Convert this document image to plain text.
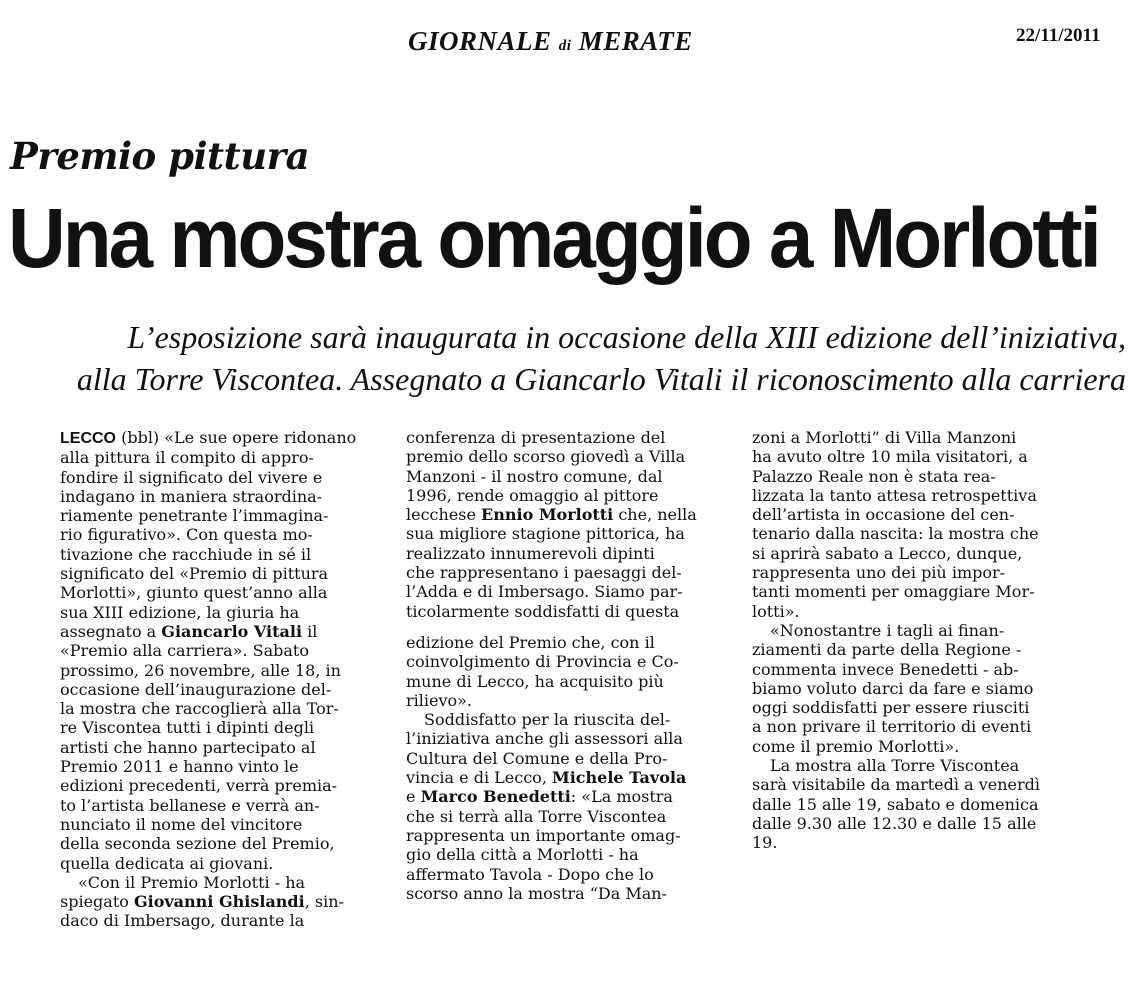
GIORNALE di MERATE	22/11/2011
Premio pittura
Una mostra omaggio a Morlotti
L’esposizione sarà inaugurata in occasione della XIII edizione dell’iniziativa,
alla Torre Viscontea. Assegnato a Giancarlo Vitali il riconoscimento alla carriera
LECCO (bbl) «Le sue opere ridonano
alla pittura il compito di appro-
fondire il significato del vivere e
indagano in maniera straordina-
riamente penetrante l’immagina-
rio figurativo». Con questa mo-
tivazione che racchiude in sé il
significato del «Premio di pittura
Morlotti», giunto quest’anno alla
sua XIII edizione, la giuria ha
assegnato a Giancarlo Vitali il
«Premio alla carriera». Sabato
prossimo, 26 novembre, alle 18, in
occasione dell’inaugurazione del-
la mostra che raccoglierà alla Tor-
re Viscontea tutti i dipinti degli
artisti che hanno partecipato al
Premio 2011 e hanno vinto le
edizioni precedenti, verrà premia-
to l’artista bellanese e verrà an-
nunciato il nome del vincitore
della seconda sezione del Premio,
quella dedicata ai giovani.
«Con il Premio Morlotti - ha
spiegato Giovanni Ghislandi, sin-
daco di Imbersago, durante la
conferenza di presentazione del
premio dello scorso giovedì a Villa
Manzoni - il nostro comune, dal
1996, rende omaggio al pittore
lecchese Ennio Morlotti che, nella
sua migliore stagione pittorica, ha
realizzato innumerevoli dipinti
che rappresentano i paesaggi del-
l’Adda e di Imbersago. Siamo par-
ticolarmente soddisfatti di questa
edizione del Premio che, con il
coinvolgimento di Provincia e Co-
mune di Lecco, ha acquisito più
rilievo».
Soddisfatto per la riuscita del-
l’iniziativa anche gli assessori alla
Cultura del Comune e della Pro-
vincia e di Lecco, Michele Tavola
e Marco Benedetti: «La mostra
che si terrà alla Torre Viscontea
rappresenta un importante omag-
gio della città a Morlotti - ha
affermato Tavola - Dopo che lo
scorso anno la mostra “Da Man-
zoni a Morlotti” di Villa Manzoni
ha avuto oltre 10 mila visitatori, a
Palazzo Reale non è stata rea-
lizzata la tanto attesa retrospettiva
dell’artista in occasione del cen-
tenario dalla nascita: la mostra che
si aprirà sabato a Lecco, dunque,
rappresenta uno dei più impor-
tanti momenti per omaggiare Mor-
lotti».
«Nonostantre i tagli ai finan-
ziamenti da parte della Regione -
commenta invece Benedetti - ab-
biamo voluto darci da fare e siamo
oggi soddisfatti per essere riusciti
a non privare il territorio di eventi
come il premio Morlotti».
La mostra alla Torre Viscontea
sarà visitabile da martedì a venerdì
dalle 15 alle 19, sabato e domenica
dalle 9.30 alle 12.30 e dalle 15 alle
19.
